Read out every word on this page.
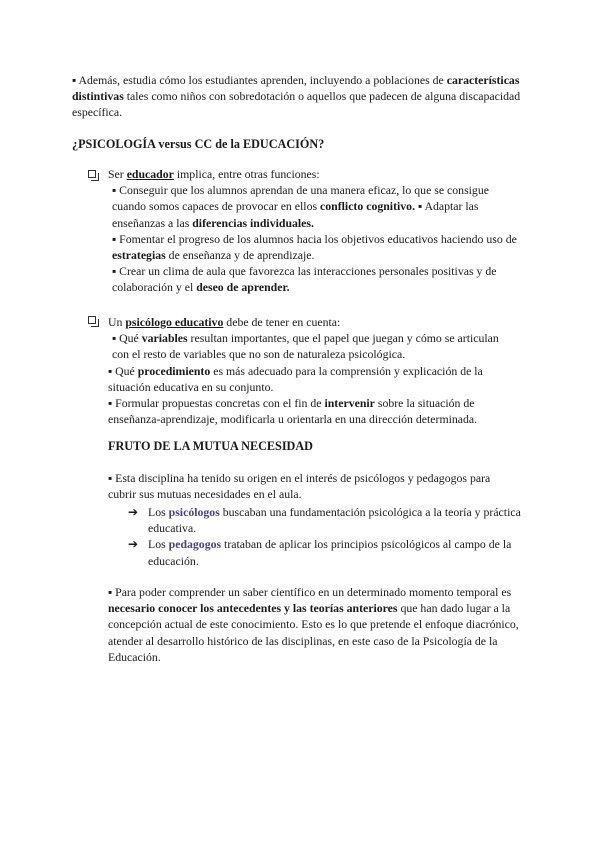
▪ Además, estudia cómo los estudiantes aprenden, incluyendo a poblaciones de características distintivas tales como niños con sobredotación o aquellos que padecen de alguna discapacidad específica.

¿PSICOLOGÍA versus CC de la EDUCACIÓN?

Ser educador implica, entre otras funciones:

▪ Conseguir que los alumnos aprendan de una manera eficaz, lo que se consigue cuando somos capaces de provocar en ellos conflicto cognitivo. ▪ Adaptar las enseñanzas a las diferencias individuales.

▪ Fomentar el progreso de los alumnos hacia los objetivos educativos haciendo uso de estrategias de enseñanza y de aprendizaje.

▪ Crear un clima de aula que favorezca las interacciones personales positivas y de colaboración y el deseo de aprender.

Un psicólogo educativo debe de tener en cuenta:

▪ Qué variables resultan importantes, que el papel que juegan y cómo se articulan con el resto de variables que no son de naturaleza psicológica.

▪ Qué procedimiento es más adecuado para la comprensión y explicación de la situación educativa en su conjunto.

▪ Formular propuestas concretas con el fin de intervenir sobre la situación de enseñanza-aprendizaje, modificarla u orientarla en una dirección determinada.

FRUTO DE LA MUTUA NECESIDAD

▪ Esta disciplina ha tenido su origen en el interés de psicólogos y pedagogos para cubrir sus mutuas necesidades en el aula.

➔ Los psicólogos buscaban una fundamentación psicológica a la teoría y práctica educativa.

➔ Los pedagogos trataban de aplicar los principios psicológicos al campo de la educación.

▪ Para poder comprender un saber científico en un determinado momento temporal es necesario conocer los antecedentes y las teorías anteriores que han dado lugar a la concepción actual de este conocimiento. Esto es lo que pretende el enfoque diacrónico, atender al desarrollo histórico de las disciplinas, en este caso de la Psicología de la Educación.
